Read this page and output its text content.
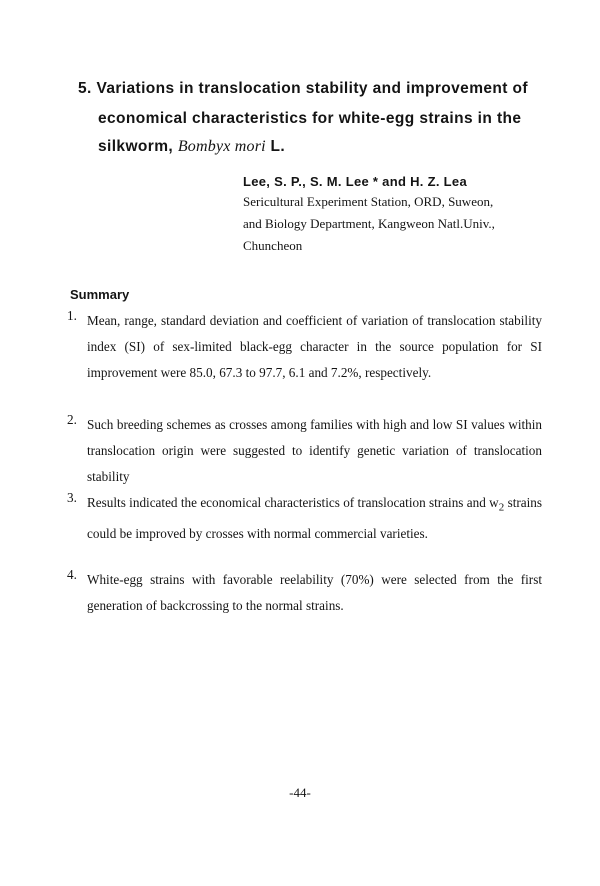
5. Variations in translocation stability and improvement of
economical characteristics for white-egg strains in the
silkworm, Bombyx mori L.
Lee, S. P., S. M. Lee * and H. Z. Lea
Sericultural Experiment Station, ORD, Suweon,
and Biology Department, Kangweon Natl.Univ.,
Chuncheon
Summary
1. Mean, range, standard deviation and coefficient of variation of translocation stability index (SI) of sex-limited black-egg character in the source population for SI improvement were 85.0, 67.3 to 97.7, 6.1 and 7.2%, respectively.
2. Such breeding schemes as crosses among families with high and low SI values within translocation origin were suggested to identify genetic variation of translocation stability
3. Results indicated the economical characteristics of translocation strains and $w_2$ strains could be improved by crosses with normal commercial varieties.
4. White-egg strains with favorable reelability (70%) were selected from the first generation of backcrossing to the normal strains.
-44-
